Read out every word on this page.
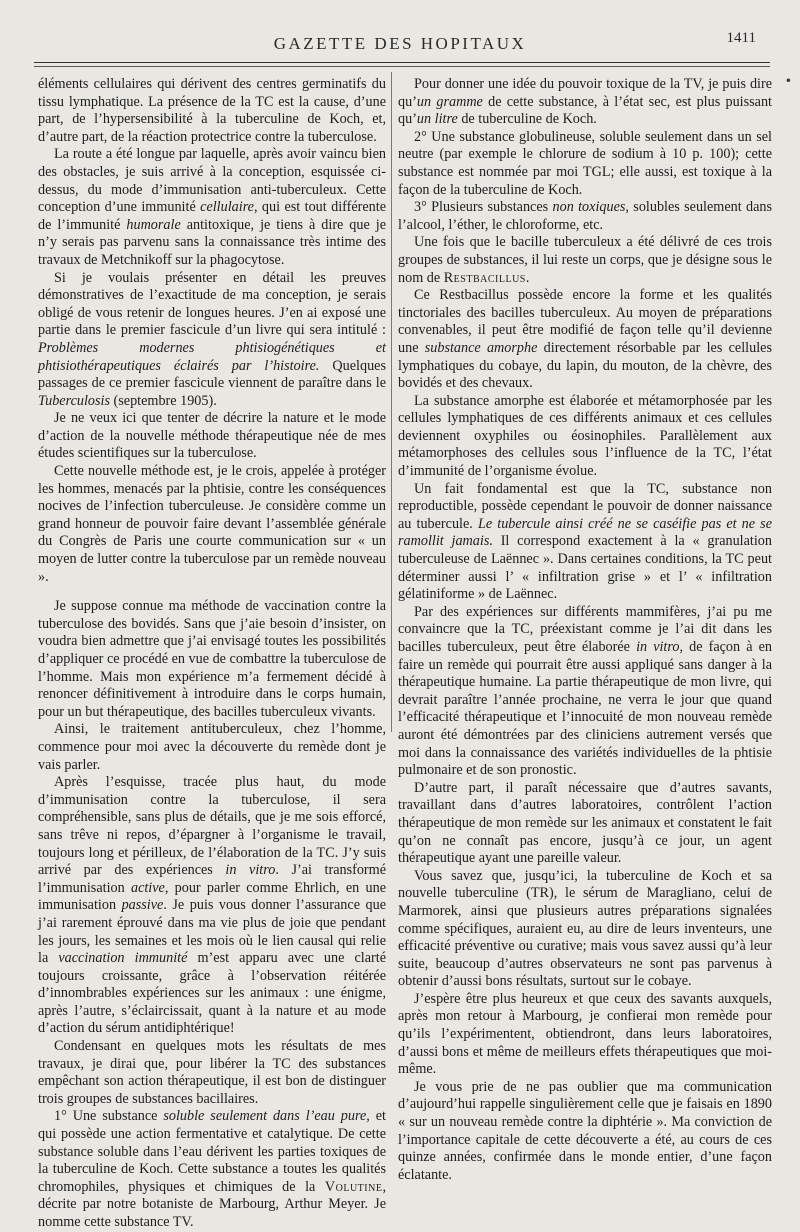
GAZETTE DES HOPITAUX	1411
•

éléments cellulaires qui dérivent des centres germinatifs du tissu lymphatique. La présence de la TC est la cause, d’une part, de l’hypersensibilité à la tuberculine de Koch, et, d’autre part, de la réaction protectrice contre la tuberculose.

La route a été longue par laquelle, après avoir vaincu bien des obstacles, je suis arrivé à la conception, esquissée ci-dessus, du mode d’immunisation anti-tuberculeux. Cette conception d’une immunité cellulaire, qui est tout différente de l’immunité humorale antitoxique, je tiens à dire que je n’y serais pas parvenu sans la connaissance très intime des travaux de Metchnikoff sur la phagocytose.

Si je voulais présenter en détail les preuves démonstratives de l’exactitude de ma conception, je serais obligé de vous retenir de longues heures. J’en ai exposé une partie dans le premier fascicule d’un livre qui sera intitulé : Problèmes modernes phtisiogénétiques et phtisiothérapeutiques éclairés par l’histoire. Quelques passages de ce premier fascicule viennent de paraître dans le Tuberculosis (septembre 1905).

Je ne veux ici que tenter de décrire la nature et le mode d’action de la nouvelle méthode thérapeutique née de mes études scientifiques sur la tuberculose.

Cette nouvelle méthode est, je le crois, appelée à protéger les hommes, menacés par la phtisie, contre les conséquences nocives de l’infection tuberculeuse. Je considère comme un grand honneur de pouvoir faire devant l’assemblée générale du Congrès de Paris une courte communication sur « un moyen de lutter contre la tuberculose par un remède nouveau ».

Je suppose connue ma méthode de vaccination contre la tuberculose des bovidés. Sans que j’aie besoin d’insister, on voudra bien admettre que j’ai envisagé toutes les possibilités d’appliquer ce procédé en vue de combattre la tuberculose de l’homme. Mais mon expérience m’a fermement décidé à renoncer définitivement à introduire dans le corps humain, pour un but thérapeutique, des bacilles tuberculeux vivants.

Ainsi, le traitement antituberculeux, chez l’homme, commence pour moi avec la découverte du remède dont je vais parler.

Après l’esquisse, tracée plus haut, du mode d’immunisation contre la tuberculose, il sera compréhensible, sans plus de détails, que je me sois efforcé, sans trêve ni repos, d’épargner à l’organisme le travail, toujours long et périlleux, de l’élaboration de la TC. J’y suis arrivé par des expériences in vitro. J’ai transformé l’immunisation active, pour parler comme Ehrlich, en une immunisation passive. Je puis vous donner l’assurance que j’ai rarement éprouvé dans ma vie plus de joie que pendant les jours, les semaines et les mois où le lien causal qui relie la vaccination immunité m’est apparu avec une clarté toujours croissante, grâce à l’observation réitérée d’innombrables expériences sur les animaux : une énigme, après l’autre, s’éclaircissait, quant à la nature et au mode d’action du sérum antidiphtérique!

Condensant en quelques mots les résultats de mes travaux, je dirai que, pour libérer la TC des substances empêchant son action thérapeutique, il est bon de distinguer trois groupes de substances bacillaires.

1° Une substance soluble seulement dans l’eau pure, et qui possède une action fermentative et catalytique. De cette substance soluble dans l’eau dérivent les parties toxiques de la tuberculine de Koch. Cette substance a toutes les qualités chromophiles, physiques et chimiques de la Volutine, décrite par notre botaniste de Marbourg, Arthur Meyer. Je nomme cette substance TV.

Pour donner une idée du pouvoir toxique de la TV, je puis dire qu’un gramme de cette substance, à l’état sec, est plus puissant qu’un litre de tuberculine de Koch.

2° Une substance globulineuse, soluble seulement dans un sel neutre (par exemple le chlorure de sodium à 10 p. 100); cette substance est nommée par moi TGL; elle aussi, est toxique à la façon de la tuberculine de Koch.

3° Plusieurs substances non toxiques, solubles seulement dans l’alcool, l’éther, le chloroforme, etc.

Une fois que le bacille tuberculeux a été délivré de ces trois groupes de substances, il lui reste un corps, que je désigne sous le nom de Restbacillus.

Ce Restbacillus possède encore la forme et les qualités tinctoriales des bacilles tuberculeux. Au moyen de préparations convenables, il peut être modifié de façon telle qu’il devienne une substance amorphe directement résorbable par les cellules lymphatiques du cobaye, du lapin, du mouton, de la chèvre, des bovidés et des chevaux.

La substance amorphe est élaborée et métamorphosée par les cellules lymphatiques de ces différents animaux et ces cellules deviennent oxyphiles ou éosinophiles. Parallèlement aux métamorphoses des cellules sous l’influence de la TC, l’état d’immunité de l’organisme évolue.

Un fait fondamental est que la TC, substance non reproductible, possède cependant le pouvoir de donner naissance au tubercule. Le tubercule ainsi créé ne se caséifie pas et ne se ramollit jamais. Il correspond exactement à la « granulation tuberculeuse de Laënnec ». Dans certaines conditions, la TC peut déterminer aussi l’ « infiltration grise » et l’ « infiltration gélatiniforme » de Laënnec.

Par des expériences sur différents mammifères, j’ai pu me convaincre que la TC, préexistant comme je l’ai dit dans les bacilles tuberculeux, peut être élaborée in vitro, de façon à en faire un remède qui pourrait être aussi appliqué sans danger à la thérapeutique humaine. La partie thérapeutique de mon livre, qui devrait paraître l’année prochaine, ne verra le jour que quand l’efficacité thérapeutique et l’innocuité de mon nouveau remède auront été démontrées par des cliniciens autrement versés que moi dans la connaissance des variétés individuelles de la phtisie pulmonaire et de son pronostic.

D’autre part, il paraît nécessaire que d’autres savants, travaillant dans d’autres laboratoires, contrôlent l’action thérapeutique de mon remède sur les animaux et constatent le fait qu’on ne connaît pas encore, jusqu’à ce jour, un agent thérapeutique ayant une pareille valeur.

Vous savez que, jusqu’ici, la tuberculine de Koch et sa nouvelle tuberculine (TR), le sérum de Maragliano, celui de Marmorek, ainsi que plusieurs autres préparations signalées comme spécifiques, auraient eu, au dire de leurs inventeurs, une efficacité préventive ou curative; mais vous savez aussi qu’à leur suite, beaucoup d’autres observateurs ne sont pas parvenus à obtenir d’aussi bons résultats, surtout sur le cobaye.

J’espère être plus heureux et que ceux des savants auxquels, après mon retour à Marbourg, je confierai mon remède pour qu’ils l’expérimentent, obtiendront, dans leurs laboratoires, d’aussi bons et même de meilleurs effets thérapeutiques que moi-même.

Je vous prie de ne pas oublier que ma communication d’aujourd’hui rappelle singulièrement celle que je faisais en 1890 « sur un nouveau remède contre la diphtérie ». Ma conviction de l’importance capitale de cette découverte a été, au cours de ces quinze années, confirmée dans le monde entier, d’une façon éclatante.
